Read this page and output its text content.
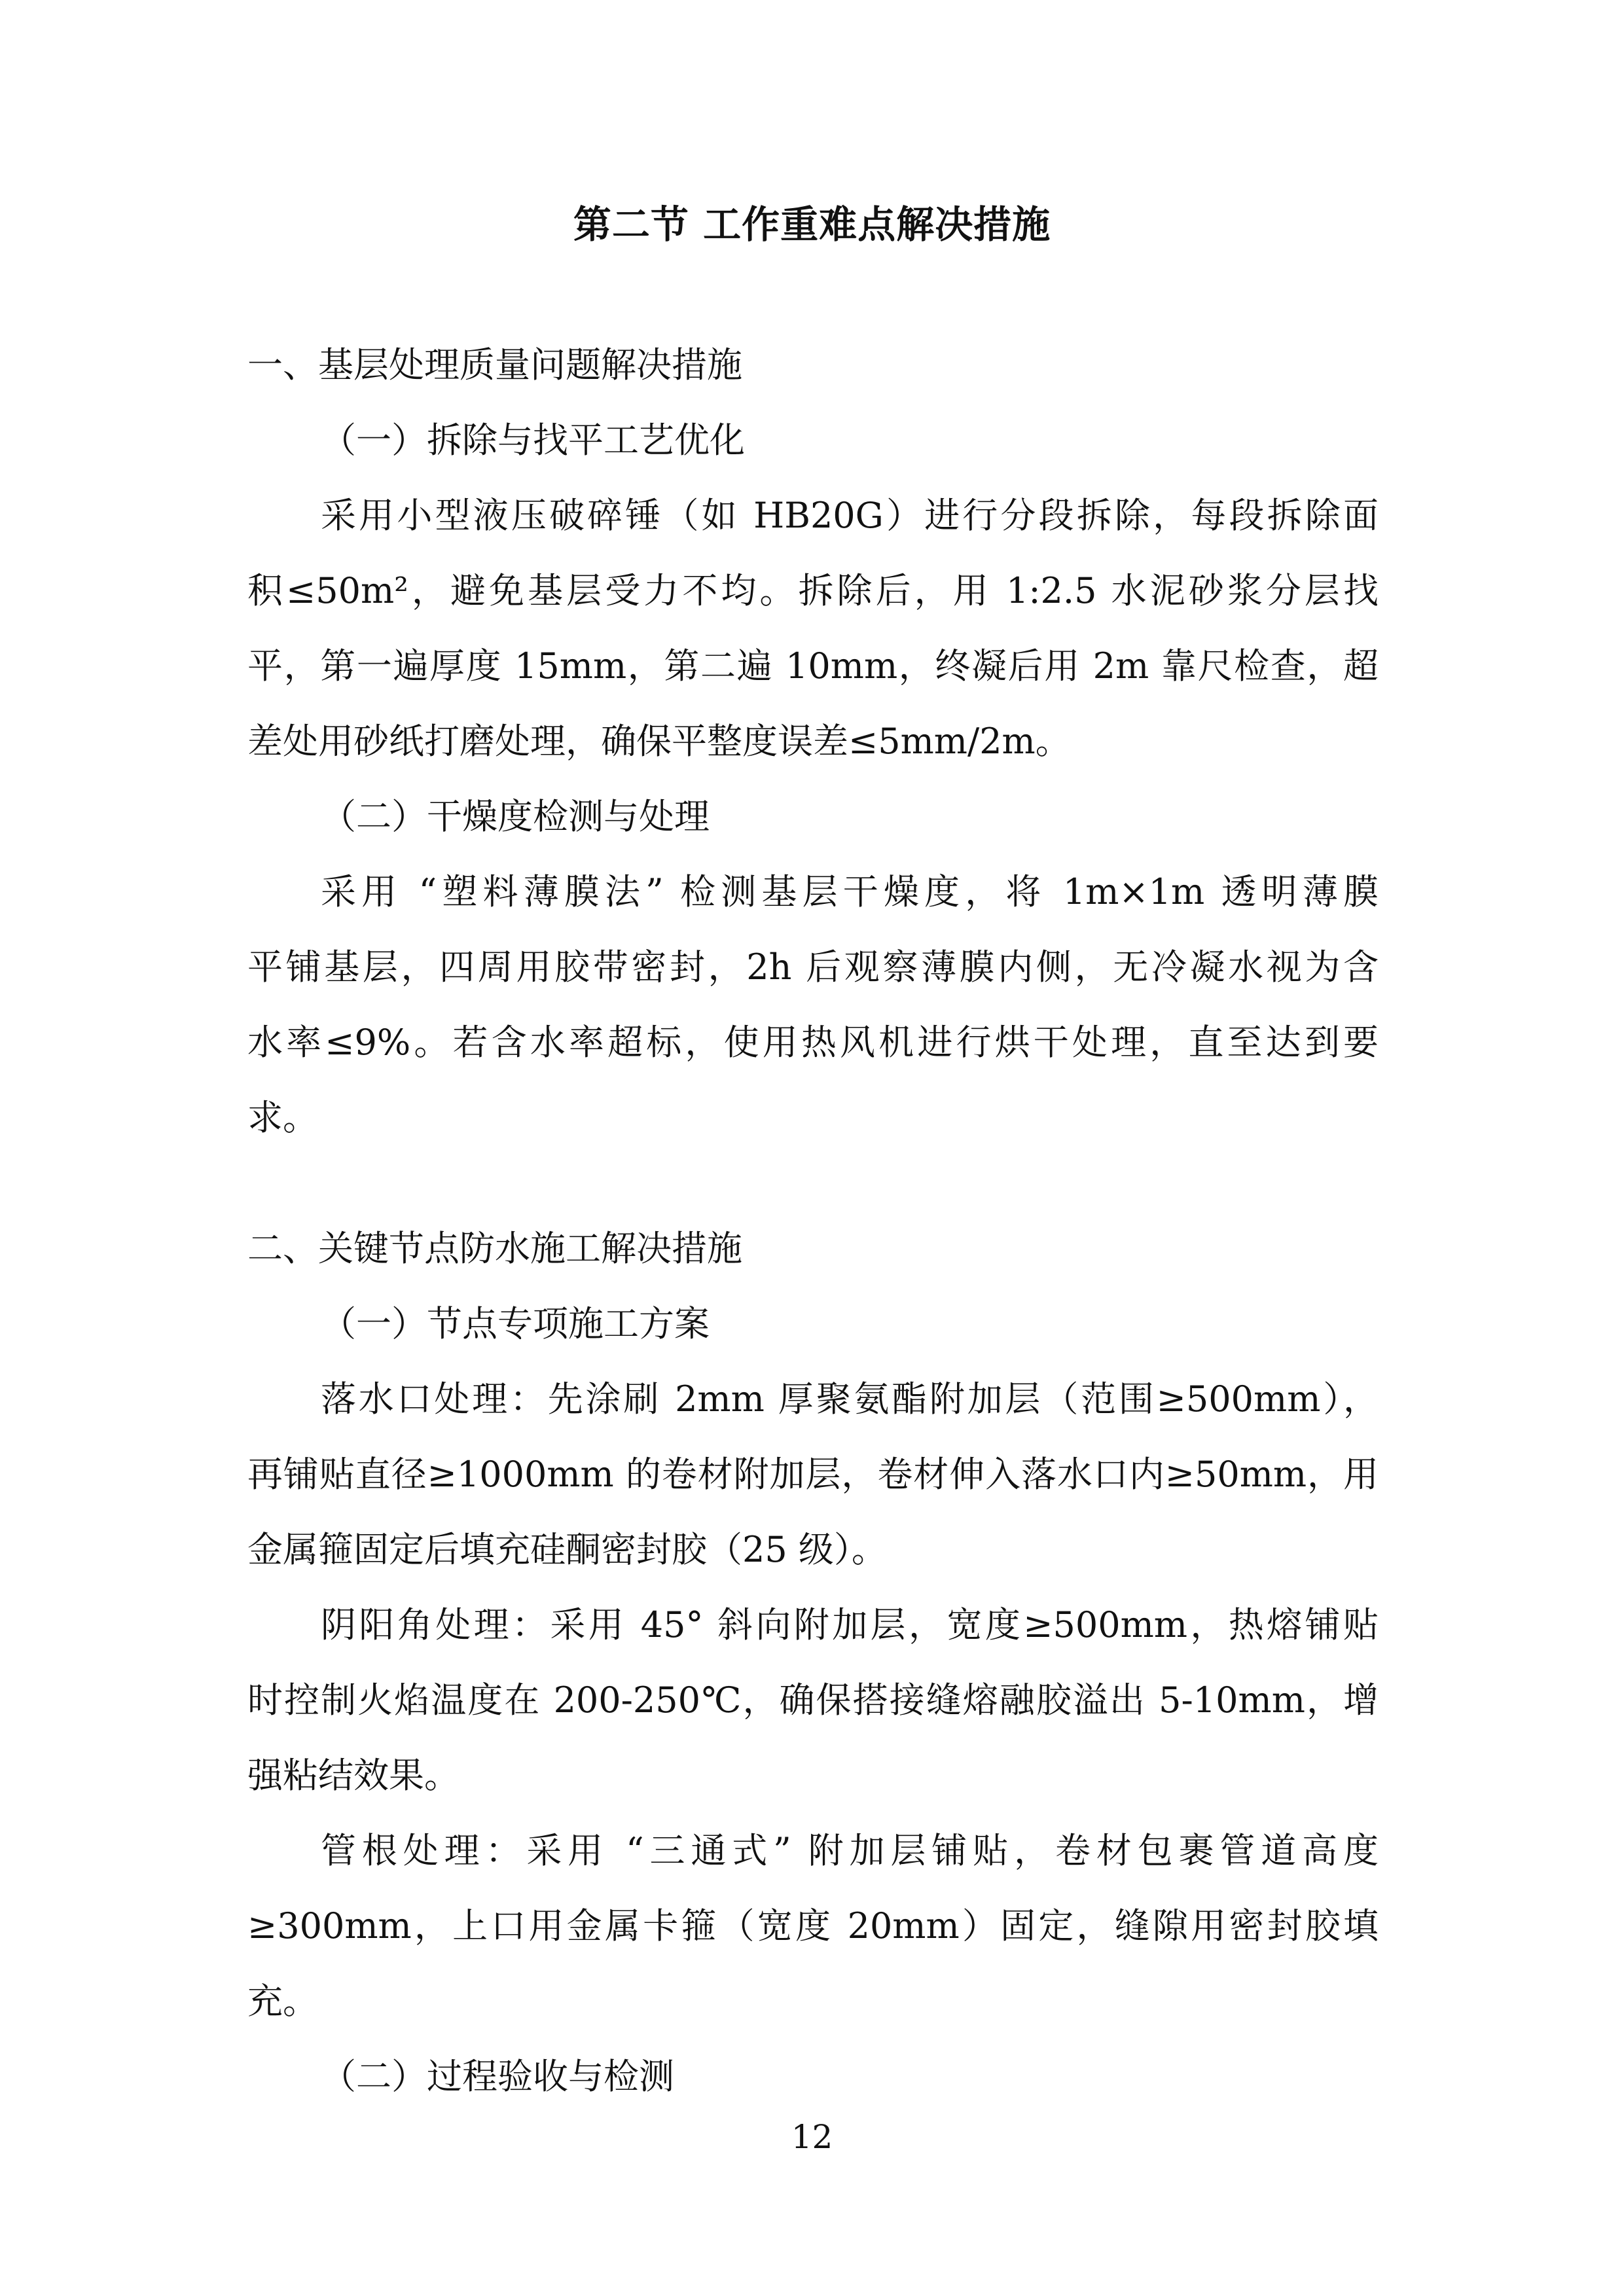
第二节 工作重难点解决措施
一、基层处理质量问题解决措施
（一）拆除与找平工艺优化
采用小型液压破碎锤（如 HB20G）进行分段拆除，每段拆除面
积≤50m²，避免基层受力不均。拆除后，用 1:2.5 水泥砂浆分层找
平，第一遍厚度 15mm，第二遍 10mm，终凝后用 2m 靠尺检查，超
差处用砂纸打磨处理，确保平整度误差≤5mm/2m。
（二）干燥度检测与处理
采用 “塑料薄膜法” 检测基层干燥度，将 1m×1m 透明薄膜
平铺基层，四周用胶带密封，2h 后观察薄膜内侧，无冷凝水视为含
水率≤9%。若含水率超标，使用热风机进行烘干处理，直至达到要
求。
二、关键节点防水施工解决措施
（一）节点专项施工方案
落水口处理：先涂刷 2mm 厚聚氨酯附加层（范围≥500mm），
再铺贴直径≥1000mm 的卷材附加层，卷材伸入落水口内≥50mm，用
金属箍固定后填充硅酮密封胶（25 级）。
阴阳角处理：采用 45° 斜向附加层，宽度≥500mm，热熔铺贴
时控制火焰温度在 200-250℃，确保搭接缝熔融胶溢出 5-10mm，增
强粘结效果。
管根处理：采用 “三通式” 附加层铺贴，卷材包裹管道高度
≥300mm，上口用金属卡箍（宽度 20mm）固定，缝隙用密封胶填
充。
（二）过程验收与检测
12
